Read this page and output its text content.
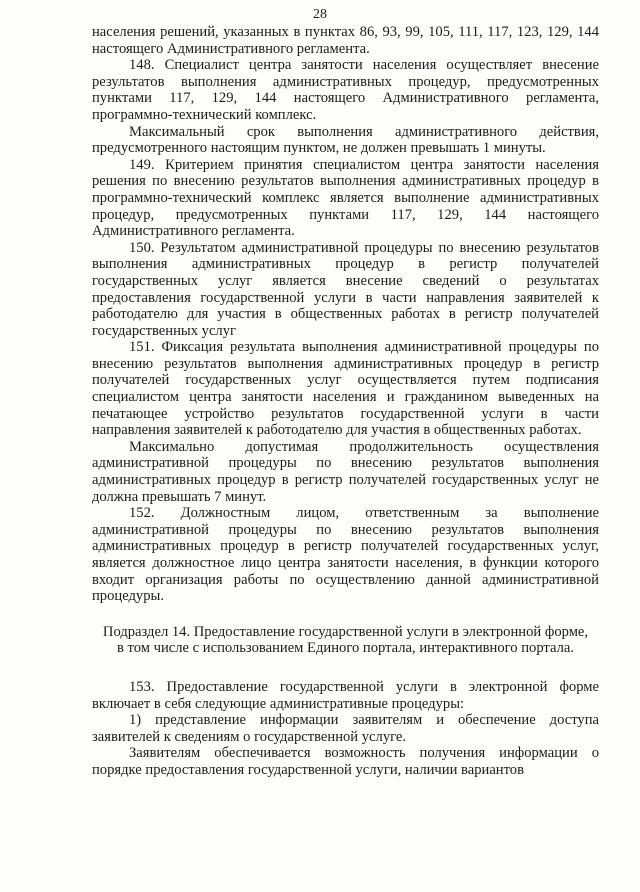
28

населения решений, указанных в пунктах 86, 93, 99, 105, 111, 117, 123, 129, 144 настоящего Административного регламента.

148. Специалист центра занятости населения осуществляет внесение результатов выполнения административных процедур, предусмотренных пунктами 117, 129, 144 настоящего Административного регламента, программно-технический комплекс.

Максимальный срок выполнения административного действия, предусмотренного настоящим пунктом, не должен превышать 1 минуты.

149. Критерием принятия специалистом центра занятости населения решения по внесению результатов выполнения административных процедур в программно-технический комплекс является выполнение административных процедур, предусмотренных пунктами 117, 129, 144 настоящего Административного регламента.

150. Результатом административной процедуры по внесению результатов выполнения административных процедур в регистр получателей государственных услуг является внесение сведений о результатах предоставления государственной услуги в части направления заявителей к работодателю для участия в общественных работах в регистр получателей государственных услуг

151. Фиксация результата выполнения административной процедуры по внесению результатов выполнения административных процедур в регистр получателей государственных услуг осуществляется путем подписания специалистом центра занятости населения и гражданином выведенных на печатающее устройство результатов государственной услуги в части направления заявителей к работодателю для участия в общественных работах.

Максимально допустимая продолжительность осуществления административной процедуры по внесению результатов выполнения административных процедур в регистр получателей государственных услуг не должна превышать 7 минут.

152. Должностным лицом, ответственным за выполнение административной процедуры по внесению результатов выполнения административных процедур в регистр получателей государственных услуг, является должностное лицо центра занятости населения, в функции которого входит организация работы по осуществлению данной административной процедуры.

Подраздел 14. Предоставление государственной услуги в электронной форме,

в том числе с использованием Единого портала, интерактивного портала.

153. Предоставление государственной услуги в электронной форме включает в себя следующие административные процедуры:

1) представление информации заявителям и обеспечение доступа заявителей к сведениям о государственной услуге.

Заявителям обеспечивается возможность получения информации о порядке предоставления государственной услуги, наличии вариантов
